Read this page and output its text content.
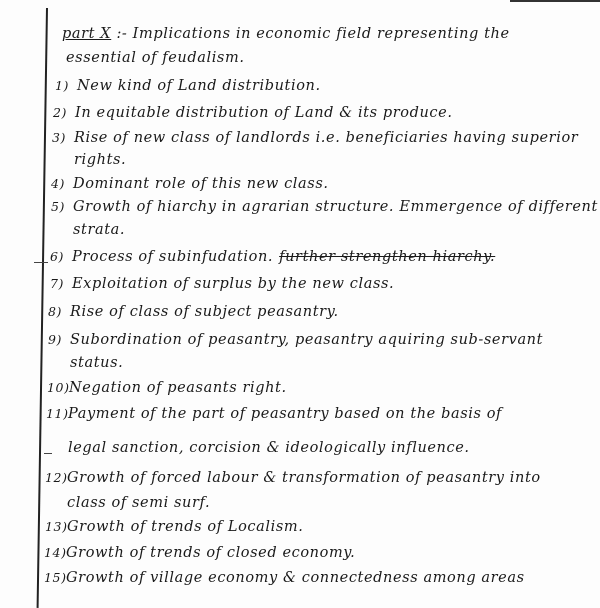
part X :- Implications in economic field representing the
essential of feudalism.
1) New kind of Land distribution.
2) In equitable distribution of Land & its produce.
3) Rise of new class of landlords i.e. beneficiaries having superior
rights.
4) Dominant role of this new class.
5) Growth of hiarchy in agrarian structure. Emmergence of different
strata.
6) Process of subinfudation. further strengthen hiarchy.
7) Exploitation of surplus by the new class.
8) Rise of class of subject peasantry.
9) Subordination of peasantry, peasantry aquiring sub-servant
status.
10)Negation of peasants right.
11)Payment of the part of peasantry based on the basis of
legal sanction, corcision & ideologically influence.
12)Growth of forced labour & transformation of peasantry into
class of semi surf.
13)Growth of trends of Localism.
14)Growth of trends of closed economy.
15)Growth of village economy & connectedness among areas
